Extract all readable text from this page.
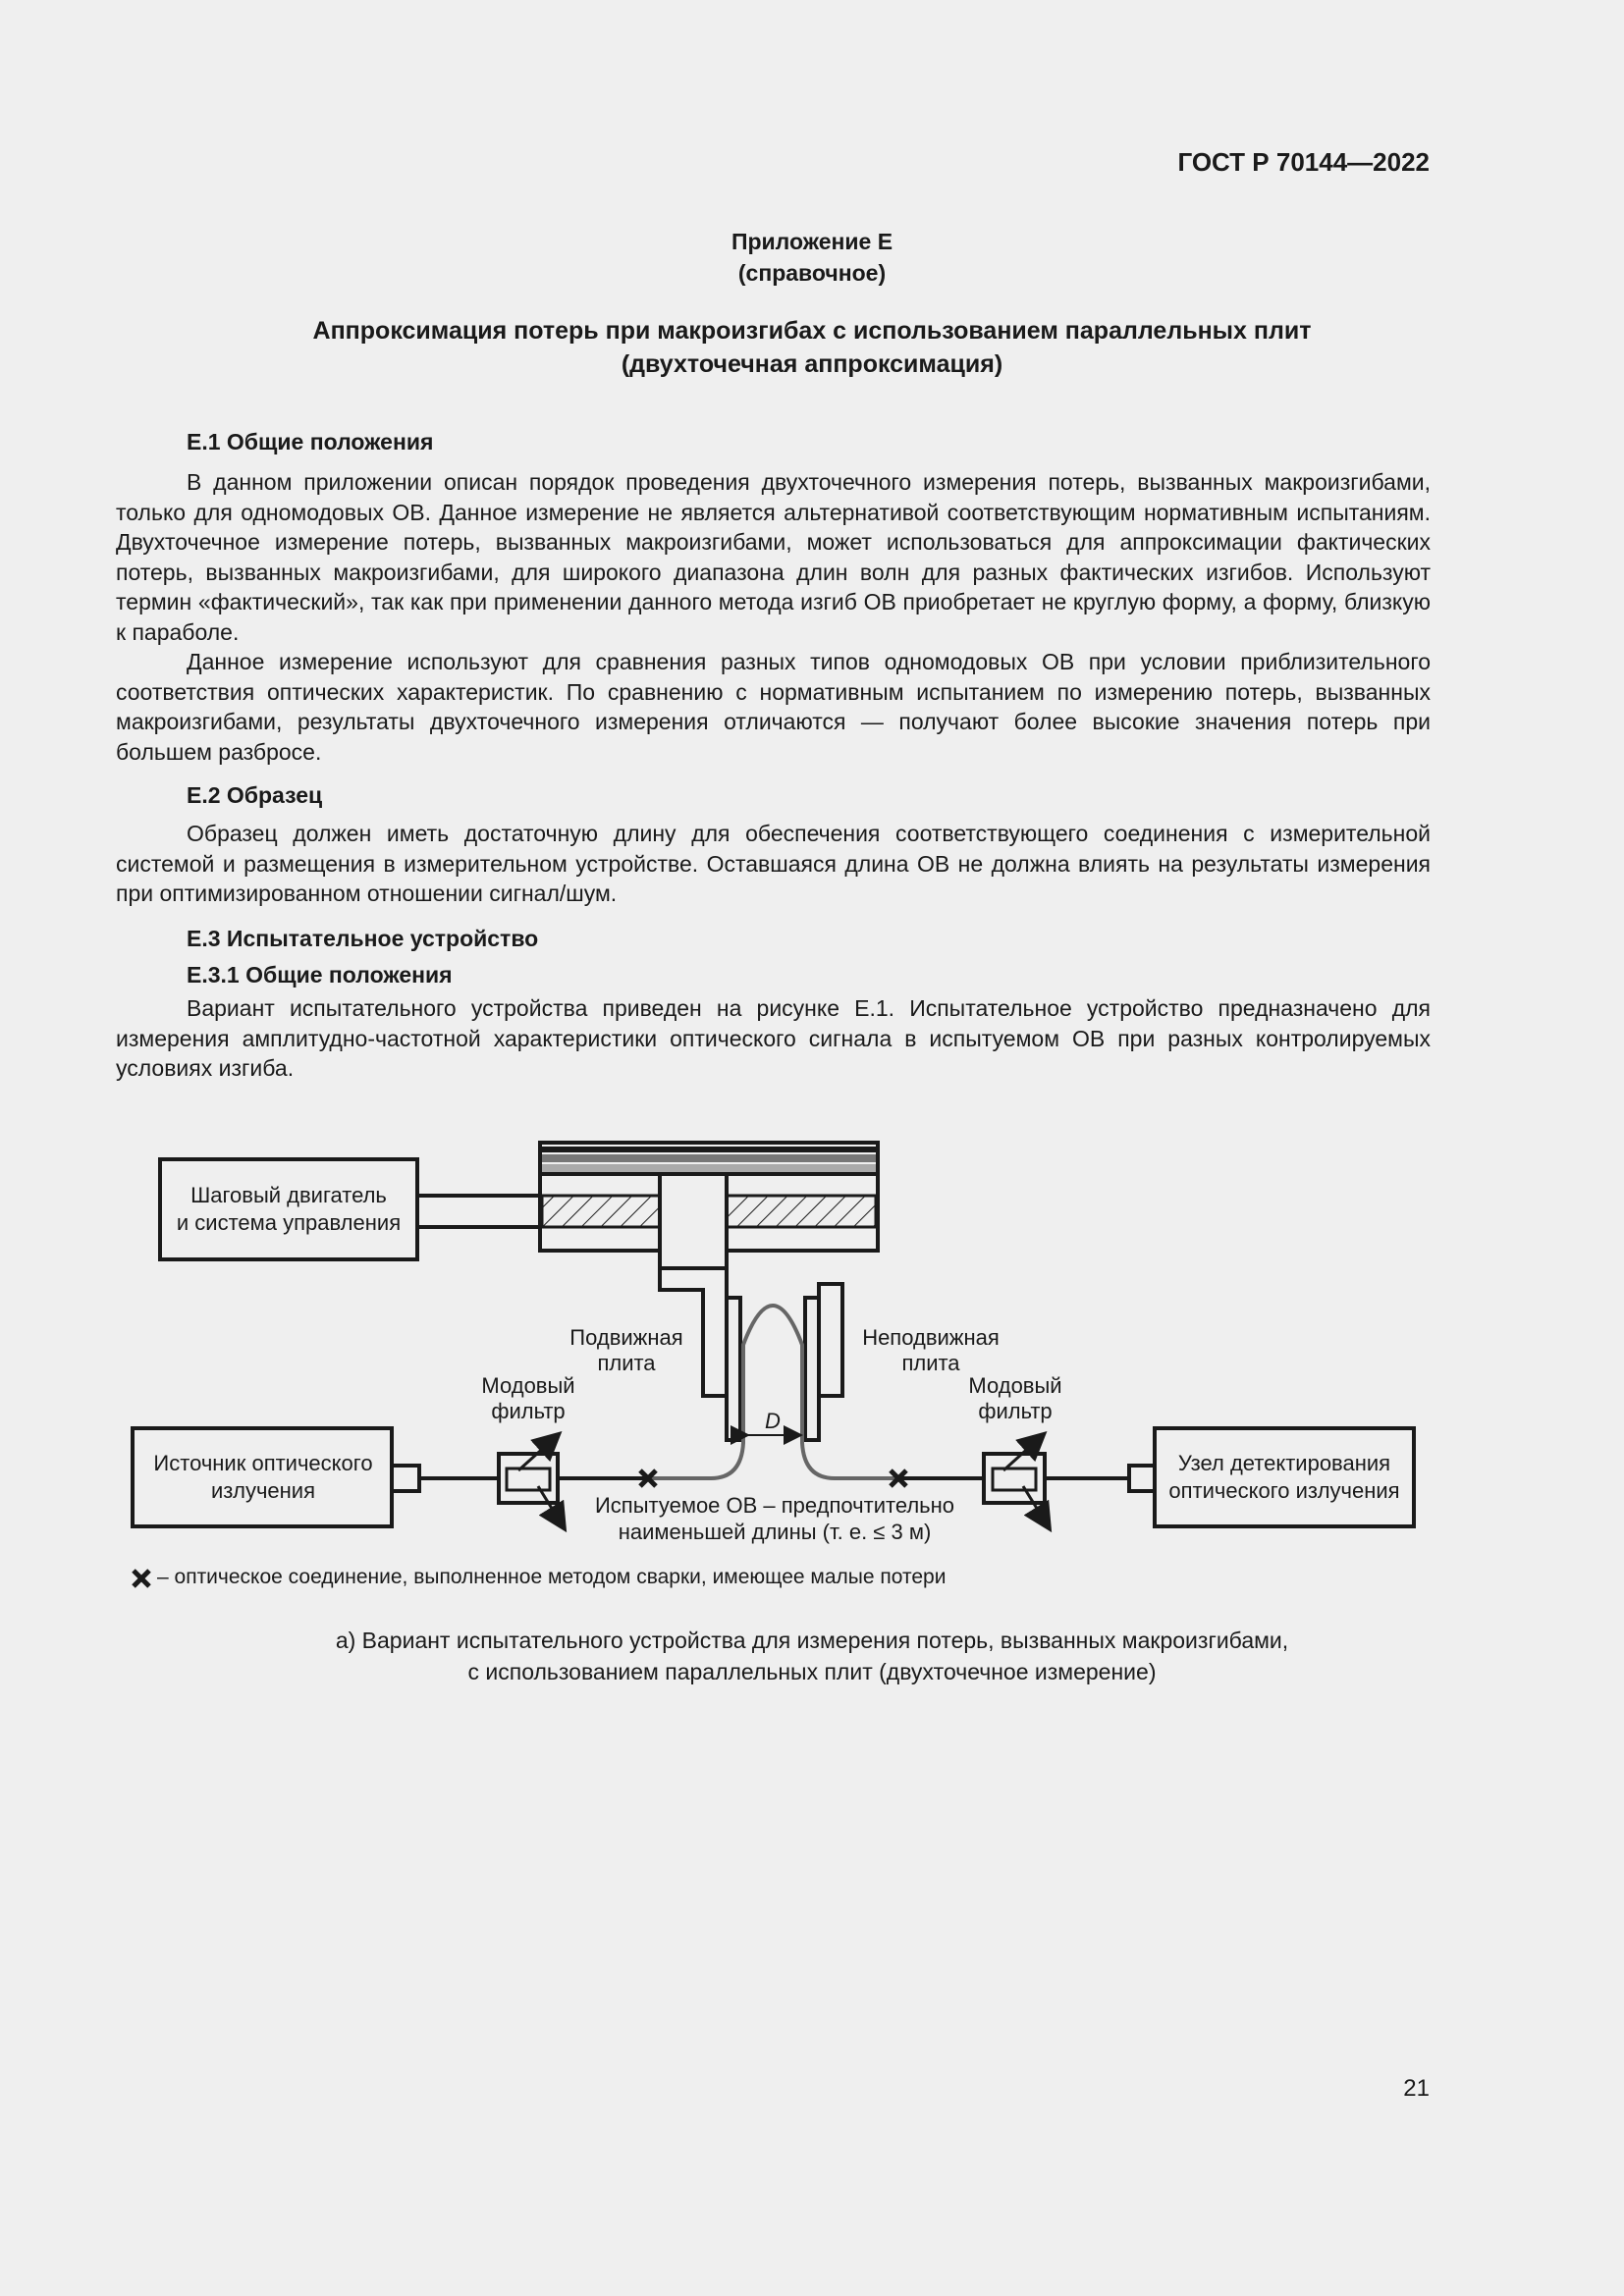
ГОСТ Р 70144—2022
Приложение Е
(справочное)
Аппроксимация потерь при макроизгибах с использованием параллельных плит
(двухточечная аппроксимация)
Е.1 Общие положения

В данном приложении описан порядок проведения двухточечного измерения потерь, вызванных макроизгибами, только для одномодовых ОВ. Данное измерение не является альтернативой соответствующим нормативным испытаниям. Двухточечное измерение потерь, вызванных макроизгибами, может использоваться для аппроксимации фактических потерь, вызванных макроизгибами, для широкого диапазона длин волн для разных фактических изгибов. Используют термин «фактический», так как при применении данного метода изгиб ОВ приобретает не круглую форму, а форму, близкую к параболе.

Данное измерение используют для сравнения разных типов одномодовых ОВ при условии приблизительного соответствия оптических характеристик. По сравнению с нормативным испытанием по измерению потерь, вызванных макроизгибами, результаты двухточечного измерения отличаются — получают более высокие значения потерь при большем разбросе.

Е.2 Образец

Образец должен иметь достаточную длину для обеспечения соответствующего соединения с измерительной системой и размещения в измерительном устройстве. Оставшаяся длина ОВ не должна влиять на результаты измерения при оптимизированном отношении сигнал/шум.

Е.3 Испытательное устройство
Е.3.1 Общие положения

Вариант испытательного устройства приведен на рисунке Е.1. Испытательное устройство предназначено для измерения амплитудно-частотной характеристики оптического сигнала в испытуемом ОВ при разных контролируемых условиях изгиба.

Шаговый двигатель
и система управления
D
Подвижная
плита
Неподвижная
плита
Источник оптического
излучения
Узел детектирования
оптического излучения
Модовый
фильтр
Модовый
фильтр
Испытуемое ОВ – предпочтительно
наименьшей длины (т. е. ≤ 3 м)
– оптическое соединение, выполненное методом сварки, имеющее малые потери
а) Вариант испытательного устройства для измерения потерь, вызванных макроизгибами,
с использованием параллельных плит (двухточечное измерение)
21
